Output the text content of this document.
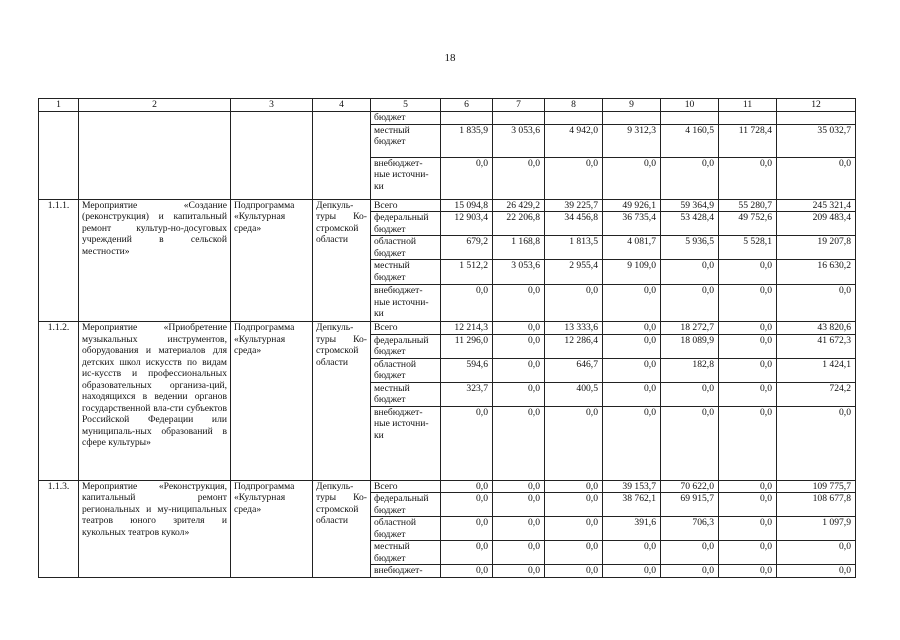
18
1	2	3	4	5	6	7	8	9	10	11	12
				бюджет							
				местный бюджет	1 835,9	3 053,6	4 942,0	9 312,3	4 160,5	11 728,4	35 032,7
				внебюджет-ные источни-ки	0,0	0,0	0,0	0,0	0,0	0,0	0,0
1.1.1.	Мероприятие «Создание (реконструкция) и капитальный ремонт культур-но-досуговых учреждений в сельской местности»	Подпрограмма «Культурная среда»	Депкуль-туры Ко-стромской области	Всего	15 094,8	26 429,2	39 225,7	49 926,1	59 364,9	55 280,7	245 321,4
				федеральный бюджет	12 903,4	22 206,8	34 456,8	36 735,4	53 428,4	49 752,6	209 483,4
				областной бюджет	679,2	1 168,8	1 813,5	4 081,7	5 936,5	5 528,1	19 207,8
				местный бюджет	1 512,2	3 053,6	2 955,4	9 109,0	0,0	0,0	16 630,2
				внебюджет-ные источни-ки	0,0	0,0	0,0	0,0	0,0	0,0	0,0
1.1.2.	Мероприятие «Приобретение музыкальных инструментов, оборудования и материалов для детских школ искусств по видам ис-кусств и профессиональных образовательных организа-ций, находящихся в ведении органов государственной вла-сти субъектов Российской Федерации или муниципаль-ных образований в сфере культуры»	Подпрограмма «Культурная среда»	Депкуль-туры Ко-стромской области	Всего	12 214,3	0,0	13 333,6	0,0	18 272,7	0,0	43 820,6
				федеральный бюджет	11 296,0	0,0	12 286,4	0,0	18 089,9	0,0	41 672,3
				областной бюджет	594,6	0,0	646,7	0,0	182,8	0,0	1 424,1
				местный бюджет	323,7	0,0	400,5	0,0	0,0	0,0	724,2
				внебюджет-ные источни-ки	0,0	0,0	0,0	0,0	0,0	0,0	0,0
1.1.3.	Мероприятие «Реконструкция, капитальный ремонт региональных и му-ниципальных театров юного зрителя и кукольных театров кукол»	Подпрограмма «Культурная среда»	Депкуль-туры Ко-стромской области	Всего	0,0	0,0	0,0	39 153,7	70 622,0	0,0	109 775,7
				федеральный бюджет	0,0	0,0	0,0	38 762,1	69 915,7	0,0	108 677,8
				областной бюджет	0,0	0,0	0,0	391,6	706,3	0,0	1 097,9
				местный бюджет	0,0	0,0	0,0	0,0	0,0	0,0	0,0
				внебюджет-	0,0	0,0	0,0	0,0	0,0	0,0	0,0
